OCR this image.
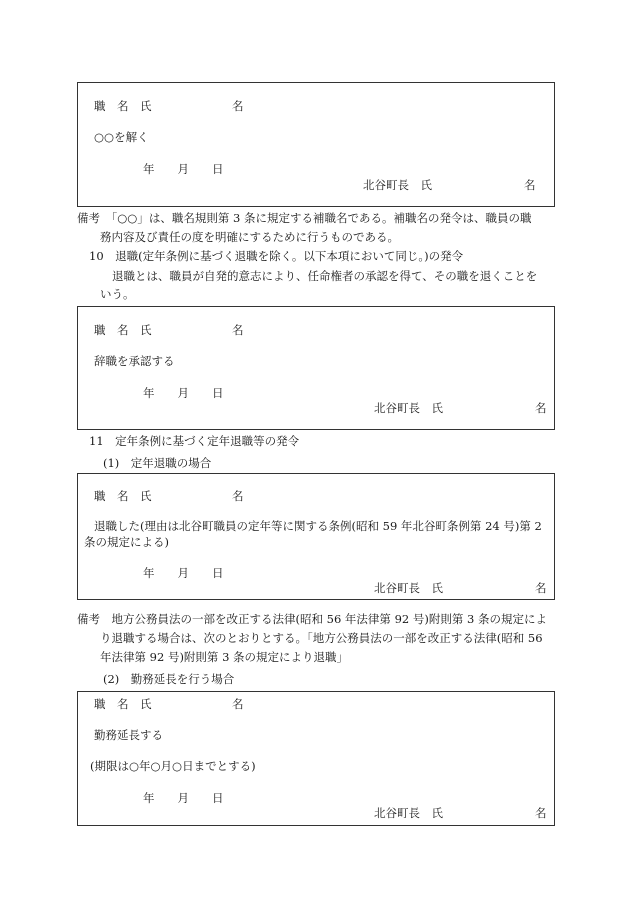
職　名　氏　　　　　　　名
○○を解く
年　　月　　日
北谷町長　氏　　　　　　　　名
備考　「○○」は、職名規則第 3 条に規定する補職名である。補職名の発令は、職員の職
務内容及び責任の度を明確にするために行うものである。
10　退職(定年条例に基づく退職を除く。以下本項において同じ。)の発令
退職とは、職員が自発的意志により、任命権者の承認を得て、その職を退くことを
いう。
職　名　氏　　　　　　　名
辞職を承認する
年　　月　　日
北谷町長　氏　　　　　　　　名
11　定年条例に基づく定年退職等の発令
(1)　定年退職の場合
職　名　氏　　　　　　　名
退職した(理由は北谷町職員の定年等に関する条例(昭和 59 年北谷町条例第 24 号)第 2
条の規定による)
年　　月　　日
北谷町長　氏　　　　　　　　名
備考　地方公務員法の一部を改正する法律(昭和 56 年法律第 92 号)附則第 3 条の規定によ
り退職する場合は、次のとおりとする。「地方公務員法の一部を改正する法律(昭和 56
年法律第 92 号)附則第 3 条の規定により退職」
(2)　勤務延長を行う場合
職　名　氏　　　　　　　名
勤務延長する
(期限は○年○月○日までとする)
年　　月　　日
北谷町長　氏　　　　　　　　名
